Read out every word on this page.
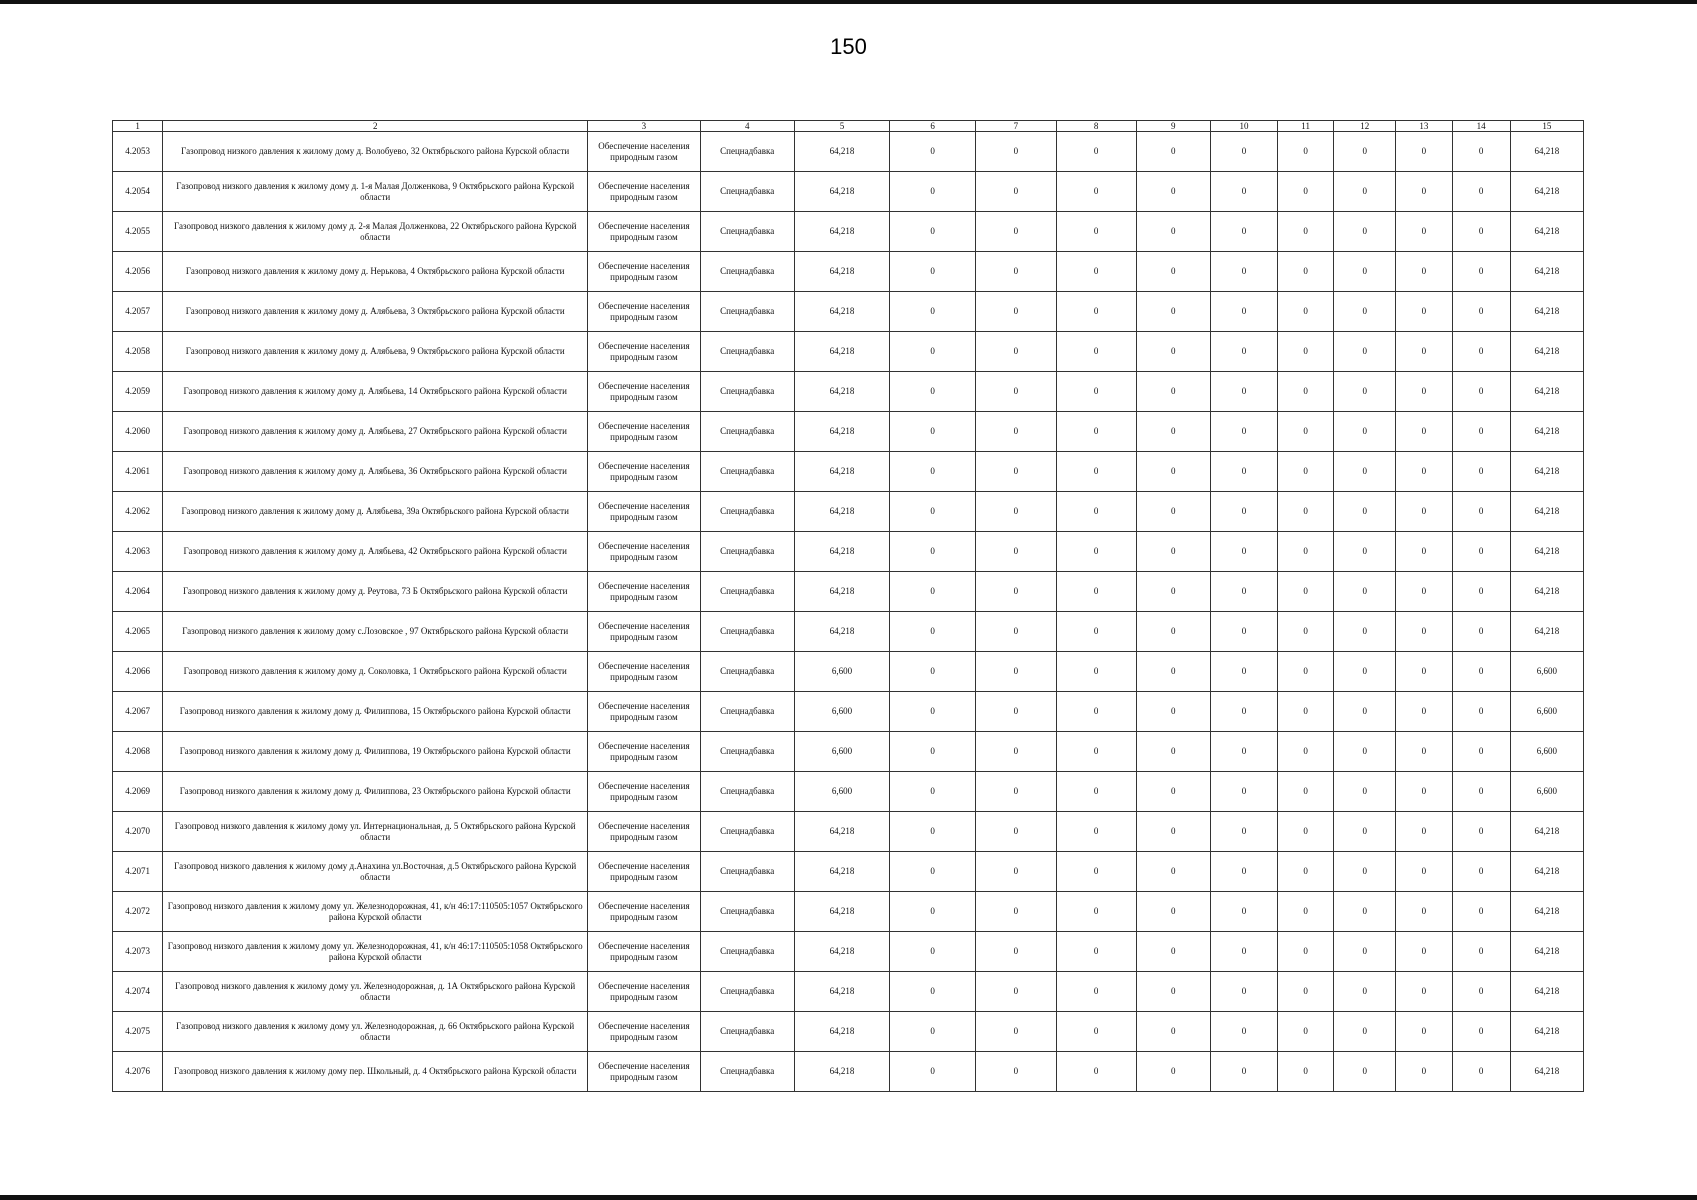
150
1	2	3	4	5	6	7	8	9	10	11	12	13	14	15
4.2053	Газопровод низкого давления к жилому дому д. Волобуево, 32 Октябрьского района Курской области	Обеспечение населения природным газом	Спецнадбавка	64,218	0	0	0	0	0	0	0	0	0	64,218
4.2054	Газопровод низкого давления к жилому дому д. 1-я Малая Долженкова, 9 Октябрьского района Курской области	Обеспечение населения природным газом	Спецнадбавка	64,218	0	0	0	0	0	0	0	0	0	64,218
4.2055	Газопровод низкого давления к жилому дому д. 2-я Малая Долженкова, 22 Октябрьского района Курской области	Обеспечение населения природным газом	Спецнадбавка	64,218	0	0	0	0	0	0	0	0	0	64,218
4.2056	Газопровод низкого давления к жилому дому д. Нерькова, 4 Октябрьского района Курской области	Обеспечение населения природным газом	Спецнадбавка	64,218	0	0	0	0	0	0	0	0	0	64,218
4.2057	Газопровод низкого давления к жилому дому д. Алябьева, 3 Октябрьского района Курской области	Обеспечение населения природным газом	Спецнадбавка	64,218	0	0	0	0	0	0	0	0	0	64,218
4.2058	Газопровод низкого давления к жилому дому д. Алябьева, 9 Октябрьского района Курской области	Обеспечение населения природным газом	Спецнадбавка	64,218	0	0	0	0	0	0	0	0	0	64,218
4.2059	Газопровод низкого давления к жилому дому д. Алябьева, 14 Октябрьского района Курской области	Обеспечение населения природным газом	Спецнадбавка	64,218	0	0	0	0	0	0	0	0	0	64,218
4.2060	Газопровод низкого давления к жилому дому д. Алябьева, 27 Октябрьского района Курской области	Обеспечение населения природным газом	Спецнадбавка	64,218	0	0	0	0	0	0	0	0	0	64,218
4.2061	Газопровод низкого давления к жилому дому д. Алябьева, 36 Октябрьского района Курской области	Обеспечение населения природным газом	Спецнадбавка	64,218	0	0	0	0	0	0	0	0	0	64,218
4.2062	Газопровод низкого давления к жилому дому д. Алябьева, 39а Октябрьского района Курской области	Обеспечение населения природным газом	Спецнадбавка	64,218	0	0	0	0	0	0	0	0	0	64,218
4.2063	Газопровод низкого давления к жилому дому д. Алябьева, 42 Октябрьского района Курской области	Обеспечение населения природным газом	Спецнадбавка	64,218	0	0	0	0	0	0	0	0	0	64,218
4.2064	Газопровод низкого давления к жилому дому д. Реутова, 73 Б Октябрьского района Курской области	Обеспечение населения природным газом	Спецнадбавка	64,218	0	0	0	0	0	0	0	0	0	64,218
4.2065	Газопровод низкого давления к жилому дому с.Лозовское , 97 Октябрьского района Курской области	Обеспечение населения природным газом	Спецнадбавка	64,218	0	0	0	0	0	0	0	0	0	64,218
4.2066	Газопровод низкого давления к жилому дому д. Соколовка, 1 Октябрьского района Курской области	Обеспечение населения природным газом	Спецнадбавка	6,600	0	0	0	0	0	0	0	0	0	6,600
4.2067	Газопровод низкого давления к жилому дому д. Филиппова, 15 Октябрьского района Курской области	Обеспечение населения природным газом	Спецнадбавка	6,600	0	0	0	0	0	0	0	0	0	6,600
4.2068	Газопровод низкого давления к жилому дому д. Филиппова, 19 Октябрьского района Курской области	Обеспечение населения природным газом	Спецнадбавка	6,600	0	0	0	0	0	0	0	0	0	6,600
4.2069	Газопровод низкого давления к жилому дому д. Филиппова, 23 Октябрьского района Курской области	Обеспечение населения природным газом	Спецнадбавка	6,600	0	0	0	0	0	0	0	0	0	6,600
4.2070	Газопровод низкого давления к жилому дому ул. Интернациональная, д. 5 Октябрьского района Курской области	Обеспечение населения природным газом	Спецнадбавка	64,218	0	0	0	0	0	0	0	0	0	64,218
4.2071	Газопровод низкого давления к жилому дому д.Анахина ул.Восточная, д.5 Октябрьского района Курской области	Обеспечение населения природным газом	Спецнадбавка	64,218	0	0	0	0	0	0	0	0	0	64,218
4.2072	Газопровод низкого давления к жилому дому ул. Железнодорожная, 41, к/н 46:17:110505:1057 Октябрьского района Курской области	Обеспечение населения природным газом	Спецнадбавка	64,218	0	0	0	0	0	0	0	0	0	64,218
4.2073	Газопровод низкого давления к жилому дому ул. Железнодорожная, 41, к/н 46:17:110505:1058 Октябрьского района Курской области	Обеспечение населения природным газом	Спецнадбавка	64,218	0	0	0	0	0	0	0	0	0	64,218
4.2074	Газопровод низкого давления к жилому дому ул. Железнодорожная, д. 1А Октябрьского района Курской области	Обеспечение населения природным газом	Спецнадбавка	64,218	0	0	0	0	0	0	0	0	0	64,218
4.2075	Газопровод низкого давления к жилому дому ул. Железнодорожная, д. 66 Октябрьского района Курской области	Обеспечение населения природным газом	Спецнадбавка	64,218	0	0	0	0	0	0	0	0	0	64,218
4.2076	Газопровод низкого давления к жилому дому пер. Школьный, д. 4 Октябрьского района Курской области	Обеспечение населения природным газом	Спецнадбавка	64,218	0	0	0	0	0	0	0	0	0	64,218
